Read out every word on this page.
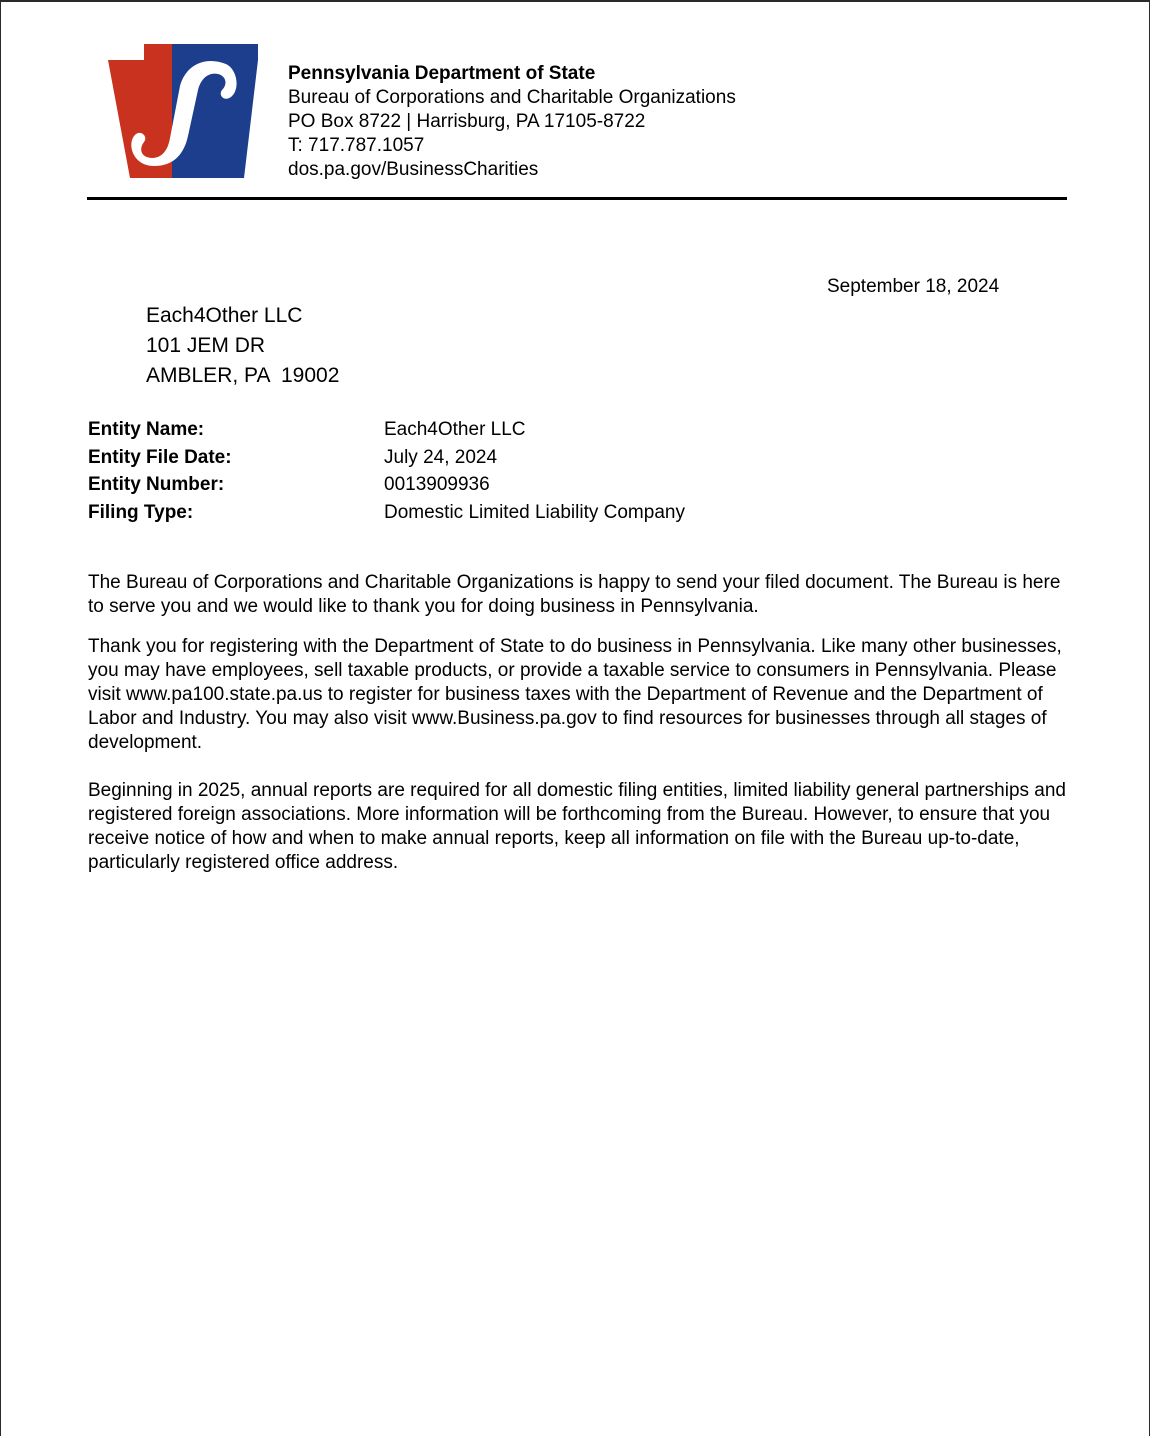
Pennsylvania Department of State
Bureau of Corporations and Charitable Organizations
PO Box 8722 | Harrisburg, PA 17105-8722
T: 717.787.1057
dos.pa.gov/BusinessCharities
September 18, 2024
Each4Other LLC
101 JEM DR
AMBLER, PA  19002
Entity Name:	Each4Other LLC
Entity File Date:	July 24, 2024
Entity Number:	0013909936
Filing Type:	Domestic Limited Liability Company

The Bureau of Corporations and Charitable Organizations is happy to send your filed document. The Bureau is here to serve you and we would like to thank you for doing business in Pennsylvania.

Thank you for registering with the Department of State to do business in Pennsylvania. Like many other businesses, you may have employees, sell taxable products, or provide a taxable service to consumers in Pennsylvania. Please visit www.pa100.state.pa.us to register for business taxes with the Department of Revenue and the Department of Labor and Industry. You may also visit www.Business.pa.gov to find resources for businesses through all stages of development.

Beginning in 2025, annual reports are required for all domestic filing entities, limited liability general partnerships and registered foreign associations. More information will be forthcoming from the Bureau. However, to ensure that you receive notice of how and when to make annual reports, keep all information on file with the Bureau up-to-date, particularly registered office address.
